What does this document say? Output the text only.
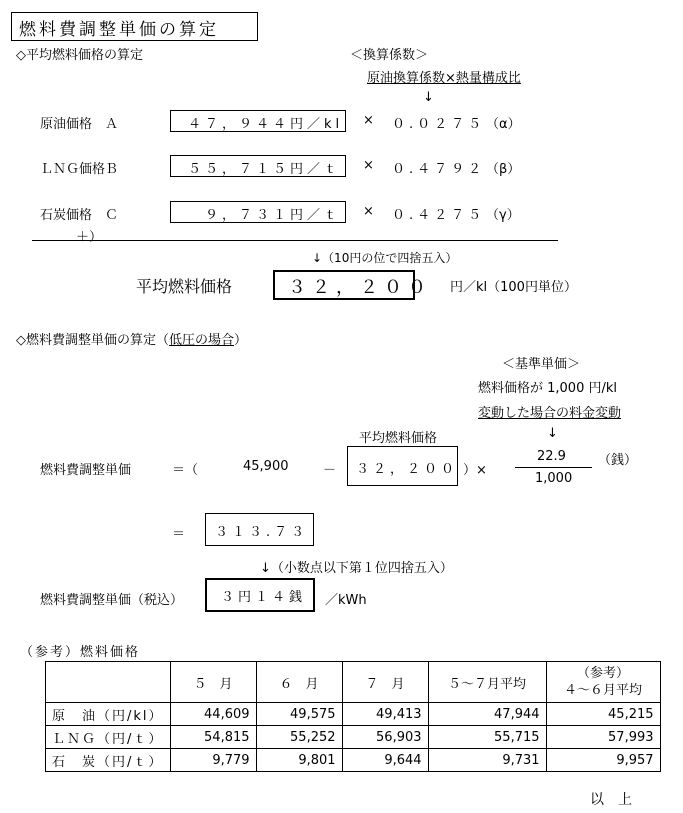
燃料費調整単価の算定
◇平均燃料価格の算定	＜換算係数＞
原油換算係数×熱量構成比
↓
原油価格　Ａ	４７，９４４円／kl × ０.０２７５ （α）
ＬＮＧ価格Ｂ	５５，７１５円／ｔ × ０.４７９２ （β）
石炭価格　Ｃ	９，７３１円／ｔ × ０.４２７５ （γ）
＋）
↓（10円の位で四捨五入）
平均燃料価格	３２，２００ 円／kl（100円単位）
◇燃料費調整単価の算定（低圧の場合）
＜基準単価＞
燃料価格が 1,000 円/kl
変動した場合の料金変動
↓
平均燃料価格
燃料費調整単価	＝（	45,900	－ ３２，２００ ）×
22.9
1,000
（銭）
＝ ３１３.７３
↓（小数点以下第１位四捨五入）
燃料費調整単価（税込）	３円１４銭 ／kWh
（参考）燃料価格
	５　月	６　月	７　月	５～７月平均	（参考）
４～６月平均
原　油（円/kl）	44,609	49,575	49,413	47,944	45,215
ＬＮＧ（円/ｔ）	54,815	55,252	56,903	55,715	57,993
石　炭（円/ｔ）	9,779	9,801	9,644	9,731	9,957
以　上
